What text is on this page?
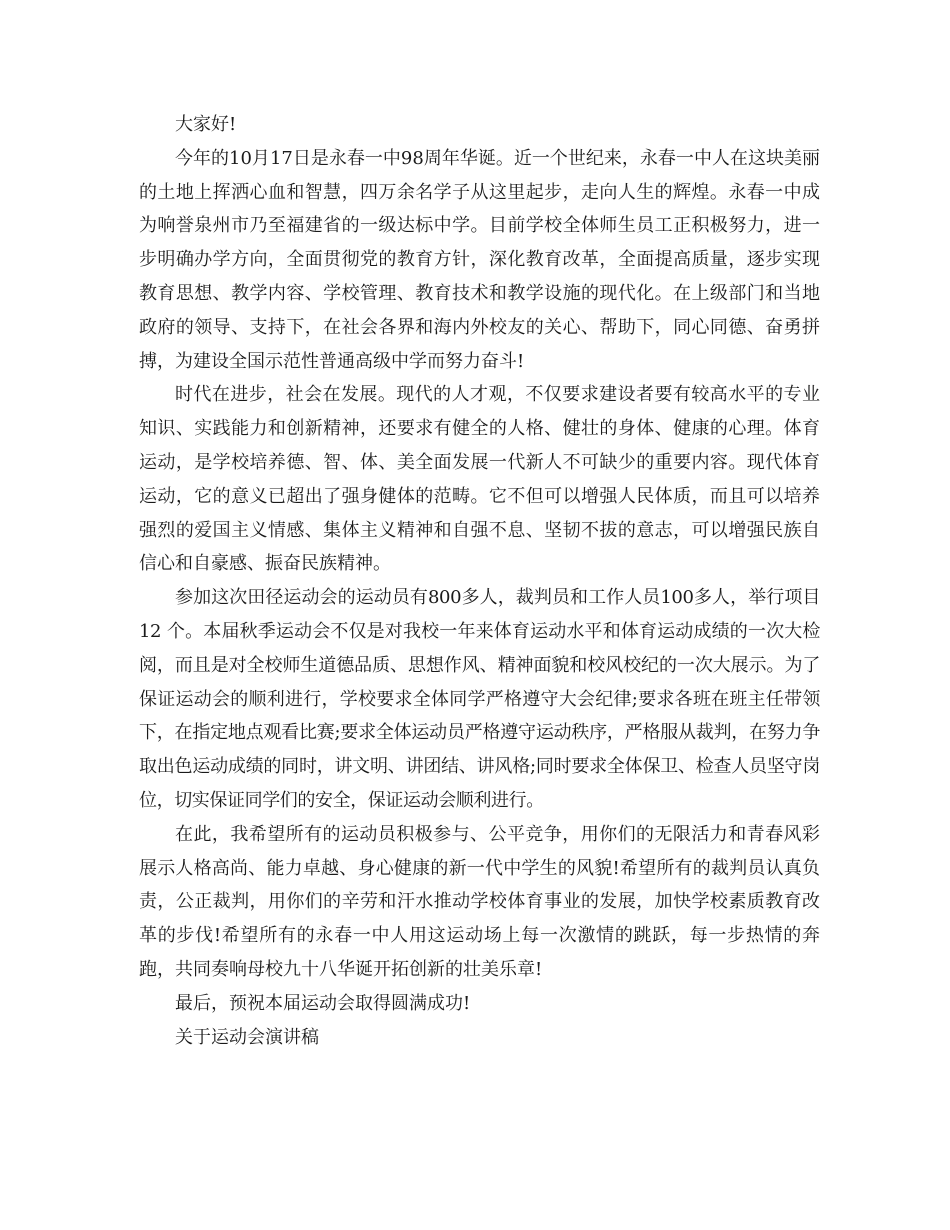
大家好!

今年的10月17日是永春一中98周年华诞。近一个世纪来，永春一中人在这块美丽的土地上挥洒心血和智慧，四万余名学子从这里起步，走向人生的辉煌。永春一中成为响誉泉州市乃至福建省的一级达标中学。目前学校全体师生员工正积极努力，进一步明确办学方向，全面贯彻党的教育方针，深化教育改革，全面提高质量，逐步实现教育思想、教学内容、学校管理、教育技术和教学设施的现代化。在上级部门和当地政府的领导、支持下，在社会各界和海内外校友的关心、帮助下，同心同德、奋勇拼搏，为建设全国示范性普通高级中学而努力奋斗!

时代在进步，社会在发展。现代的人才观，不仅要求建设者要有较高水平的专业知识、实践能力和创新精神，还要求有健全的人格、健壮的身体、健康的心理。体育运动，是学校培养德、智、体、美全面发展一代新人不可缺少的重要内容。现代体育运动，它的意义已超出了强身健体的范畴。它不但可以增强人民体质，而且可以培养强烈的爱国主义情感、集体主义精神和自强不息、坚韧不拔的意志，可以增强民族自信心和自豪感、振奋民族精神。

参加这次田径运动会的运动员有800多人，裁判员和工作人员100多人，举行项目 12 个。本届秋季运动会不仅是对我校一年来体育运动水平和体育运动成绩的一次大检阅，而且是对全校师生道德品质、思想作风、精神面貌和校风校纪的一次大展示。为了保证运动会的顺利进行，学校要求全体同学严格遵守大会纪律;要求各班在班主任带领下，在指定地点观看比赛;要求全体运动员严格遵守运动秩序，严格服从裁判，在努力争取出色运动成绩的同时，讲文明、讲团结、讲风格;同时要求全体保卫、检查人员坚守岗位，切实保证同学们的安全，保证运动会顺利进行。

在此，我希望所有的运动员积极参与、公平竞争，用你们的无限活力和青春风彩展示人格高尚、能力卓越、身心健康的新一代中学生的风貌!希望所有的裁判员认真负责，公正裁判，用你们的辛劳和汗水推动学校体育事业的发展，加快学校素质教育改革的步伐!希望所有的永春一中人用这运动场上每一次激情的跳跃，每一步热情的奔跑，共同奏响母校九十八华诞开拓创新的壮美乐章!

最后，预祝本届运动会取得圆满成功!

关于运动会演讲稿
